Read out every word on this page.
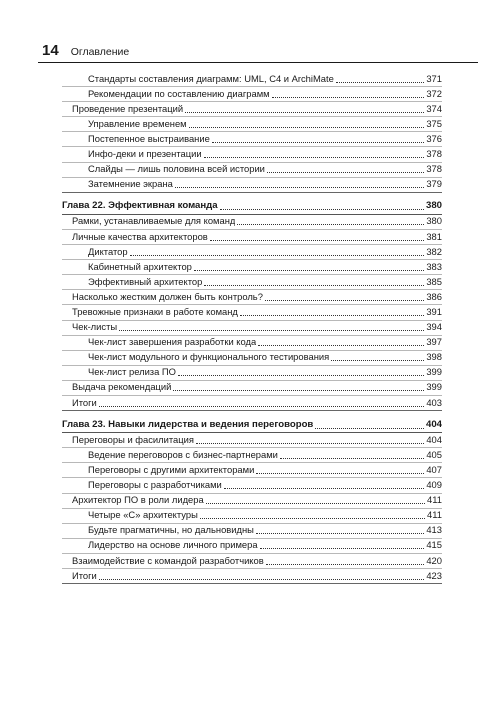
14 Оглавление
Стандарты составления диаграмм: UML, C4 и ArchiMate	371
Рекомендации по составлению диаграмм	372
Проведение презентаций	374
Управление временем	375
Постепенное выстраивание	376
Инфо-деки и презентации	378
Слайды — лишь половина всей истории	378
Затемнение экрана	379
Глава 22. Эффективная команда	380
Рамки, устанавливаемые для команд	380
Личные качества архитекторов	381
Диктатор	382
Кабинетный архитектор	383
Эффективный архитектор	385
Насколько жестким должен быть контроль?	386
Тревожные признаки в работе команд	391
Чек-листы	394
Чек-лист завершения разработки кода	397
Чек-лист модульного и функционального тестирования	398
Чек-лист релиза ПО	399
Выдача рекомендаций	399
Итоги	403
Глава 23. Навыки лидерства и ведения переговоров	404
Переговоры и фасилитация	404
Ведение переговоров с бизнес-партнерами	405
Переговоры с другими архитекторами	407
Переговоры с разработчиками	409
Архитектор ПО в роли лидера	411
Четыре «С» архитектуры	411
Будьте прагматичны, но дальновидны	413
Лидерство на основе личного примера	415
Взаимодействие с командой разработчиков	420
Итоги	423
